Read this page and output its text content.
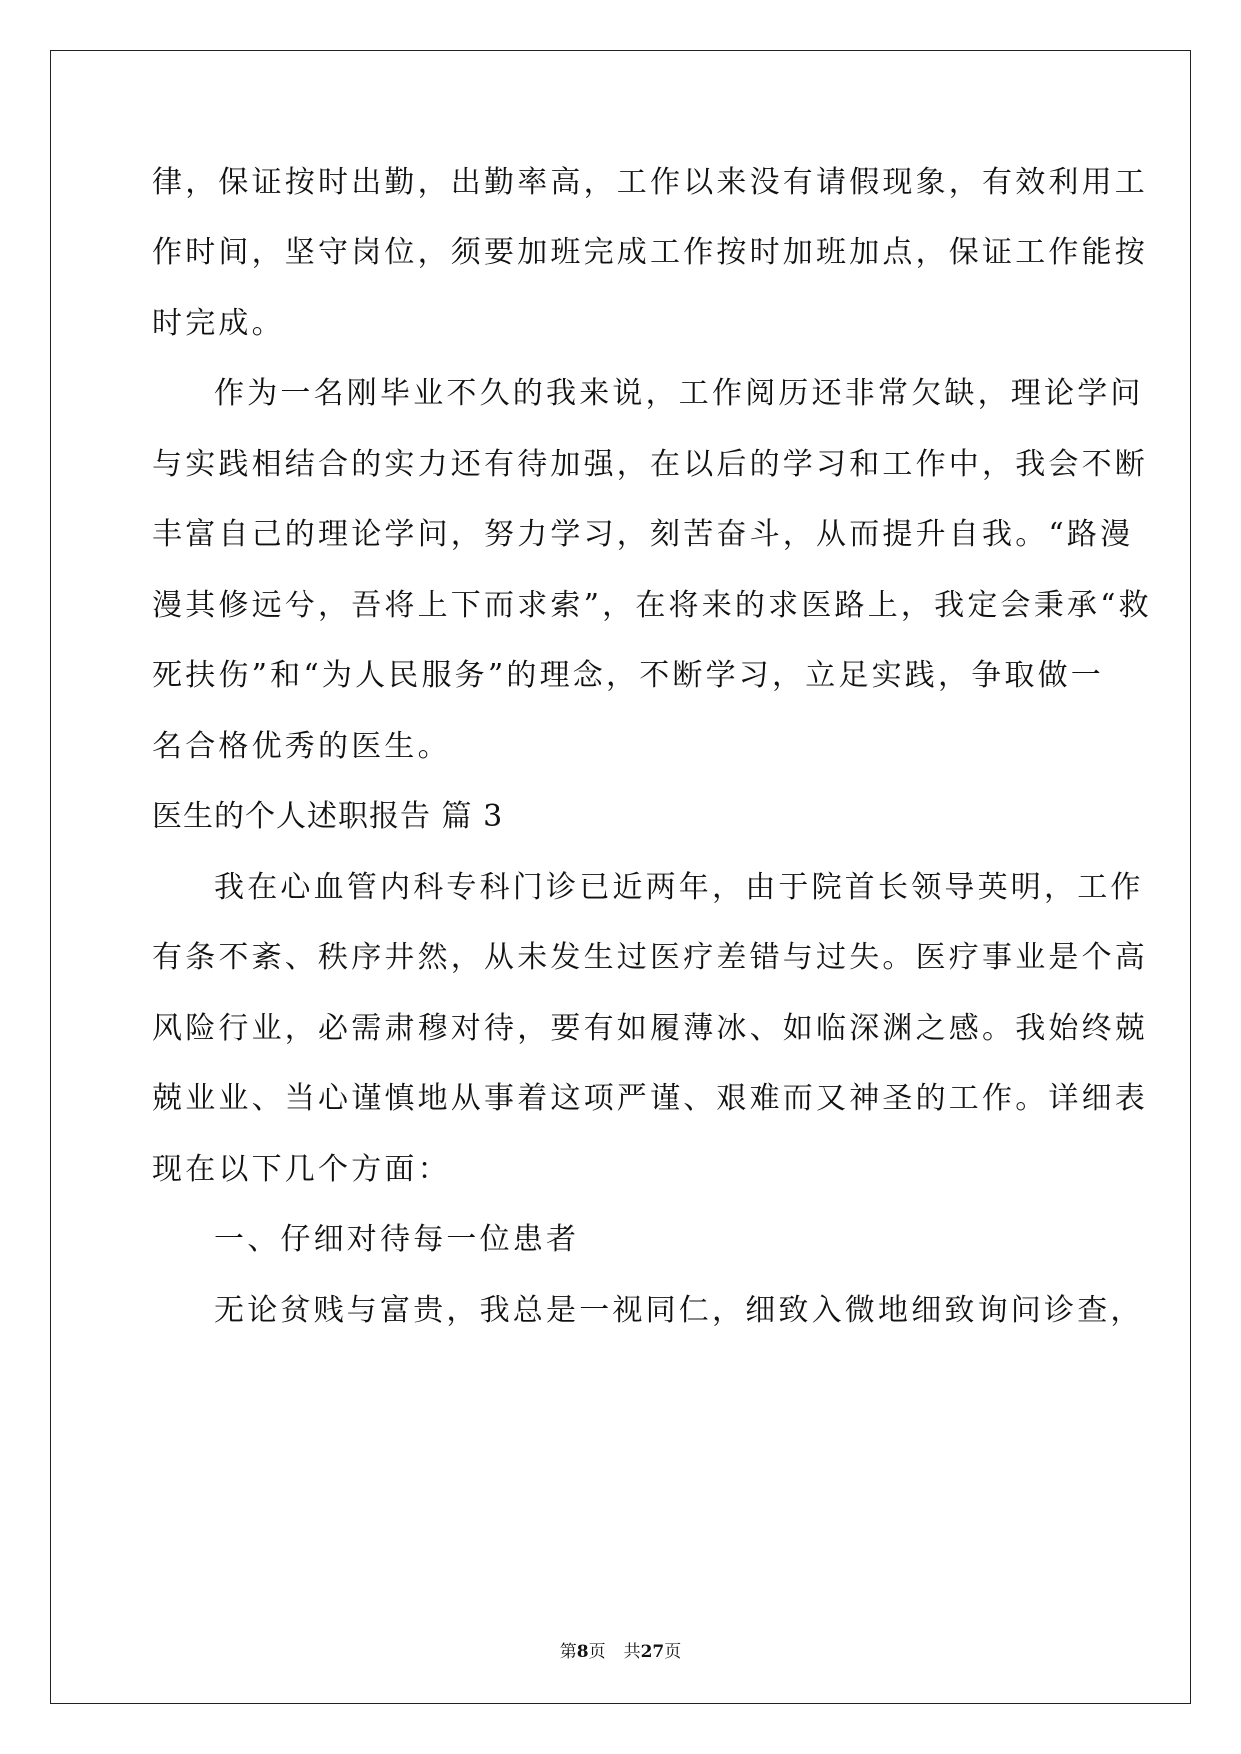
律，保证按时出勤，出勤率高，工作以来没有请假现象，有效利用工
作时间，坚守岗位，须要加班完成工作按时加班加点，保证工作能按
时完成。
作为一名刚毕业不久的我来说，工作阅历还非常欠缺，理论学问
与实践相结合的实力还有待加强，在以后的学习和工作中，我会不断
丰富自己的理论学问，努力学习，刻苦奋斗，从而提升自我。“路漫
漫其修远兮，吾将上下而求索”，在将来的求医路上，我定会秉承“救
死扶伤”和“为人民服务”的理念，不断学习，立足实践，争取做一
名合格优秀的医生。
医生的个人述职报告 篇 3
我在心血管内科专科门诊已近两年，由于院首长领导英明，工作
有条不紊、秩序井然，从未发生过医疗差错与过失。医疗事业是个高
风险行业，必需肃穆对待，要有如履薄冰、如临深渊之感。我始终兢
兢业业、当心谨慎地从事着这项严谨、艰难而又神圣的工作。详细表
现在以下几个方面：
一、仔细对待每一位患者
无论贫贱与富贵，我总是一视同仁，细致入微地细致询问诊查，
第8页 共27页
